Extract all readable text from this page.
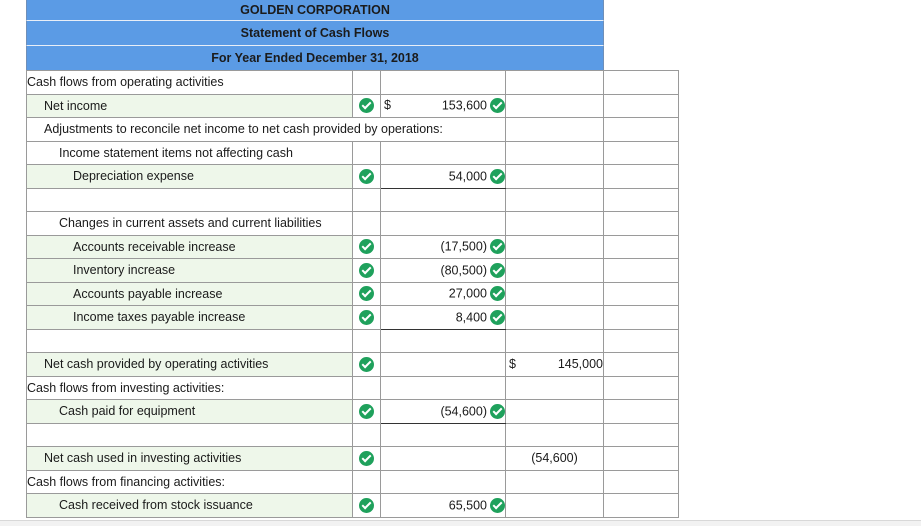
GOLDEN CORPORATION
Statement of Cash Flows
For Year Ended December 31, 2018
Cash flows from operating activities				
Net income		$ 153,600		
Adjustments to reconcile net income to net cash provided by operations:				
Income statement items not affecting cash				
Depreciation expense		54,000		

Changes in current assets and current liabilities				
Accounts receivable increase		(17,500)		
Inventory increase		(80,500)		
Accounts payable increase		27,000		
Income taxes payable increase		8,400		

Net cash provided by operating activities			$ 145,000	
Cash flows from investing activities:				
Cash paid for equipment		(54,600)		

Net cash used in investing activities			(54,600)	
Cash flows from financing activities:				
Cash received from stock issuance		65,500		
